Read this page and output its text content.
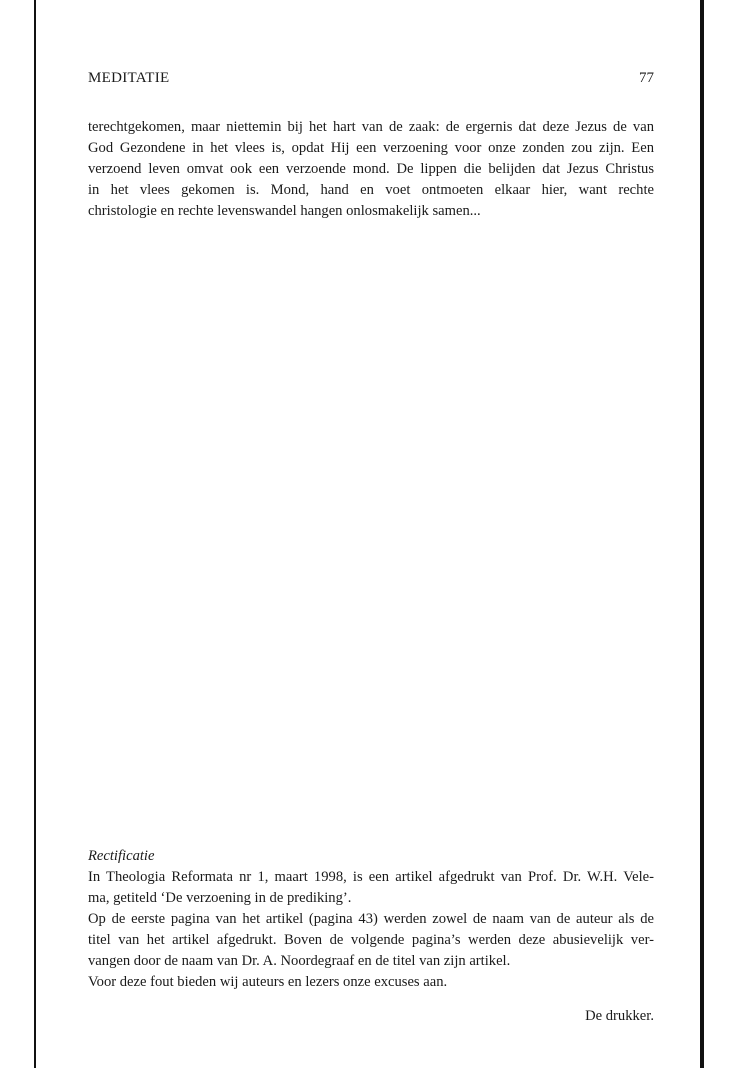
MEDITATIE	77
terechtgekomen, maar niettemin bij het hart van de zaak: de ergernis dat deze Jezus de van
God Gezondene in het vlees is, opdat Hij een verzoening voor onze zonden zou zijn. Een
verzoend leven omvat ook een verzoende mond. De lippen die belijden dat Jezus Christus
in het vlees gekomen is. Mond, hand en voet ontmoeten elkaar hier, want rechte
christologie en rechte levenswandel hangen onlosmakelijk samen...
Rectificatie
In Theologia Reformata nr 1, maart 1998, is een artikel afgedrukt van Prof. Dr. W.H. Vele-
ma, getiteld ‘De verzoening in de prediking’.
Op de eerste pagina van het artikel (pagina 43) werden zowel de naam van de auteur als de
titel van het artikel afgedrukt. Boven de volgende pagina’s werden deze abusievelijk ver-
vangen door de naam van Dr. A. Noordegraaf en de titel van zijn artikel.
Voor deze fout bieden wij auteurs en lezers onze excuses aan.
De drukker.
